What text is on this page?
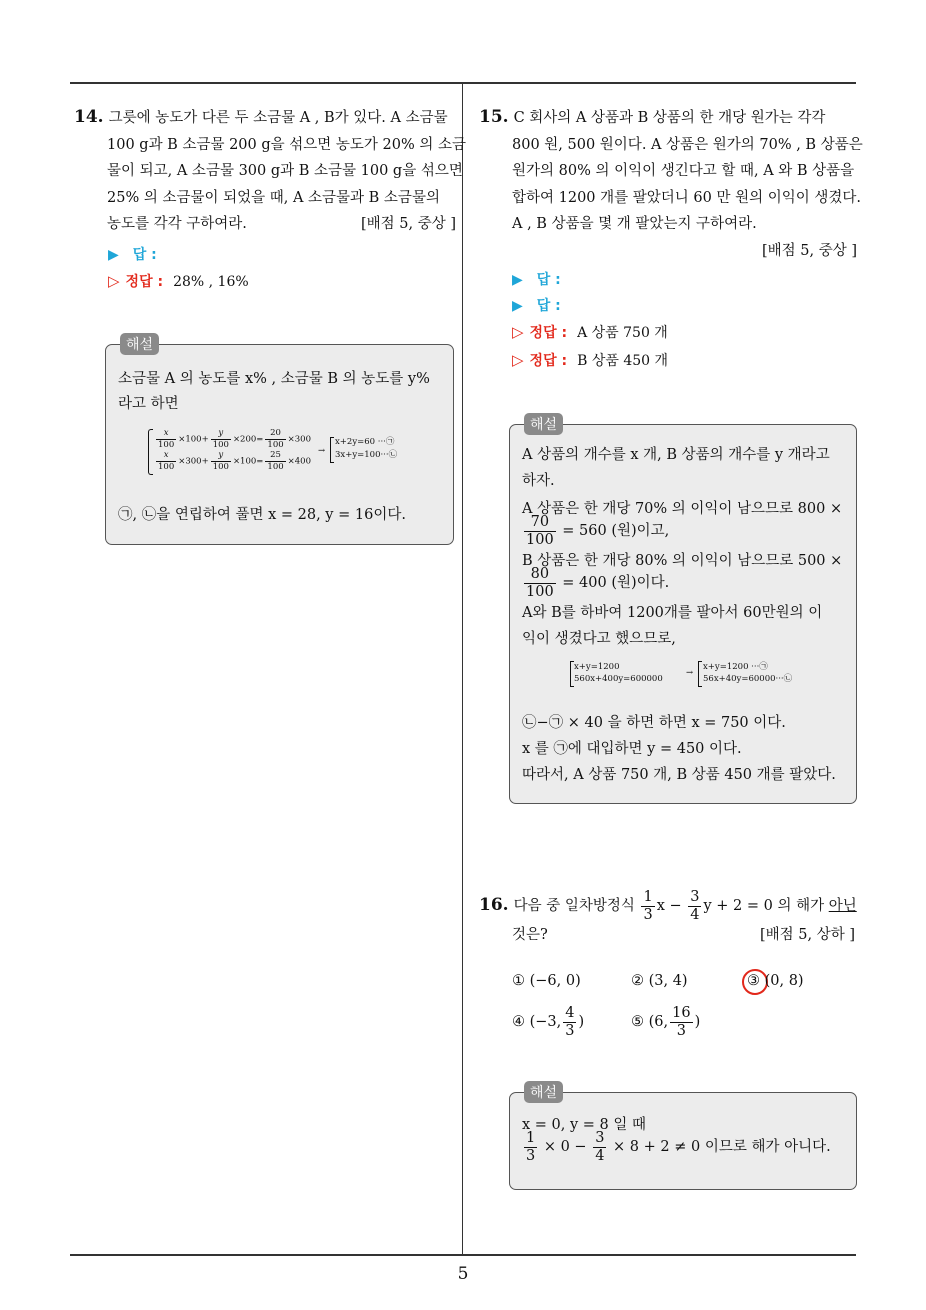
5
14. 그릇에 농도가 다른 두 소금물 A , B가 있다. A 소금물
100 g과 B 소금물 200 g을 섞으면 농도가 20% 의 소금
물이 되고, A 소금물 300 g과 B 소금물 100 g을 섞으면
25% 의 소금물이 되었을 때, A 소금물과 B 소금물의
농도를 각각 구하여라.	[배점 5, 중상 ]
▶ 답 :
▷ 정답 : 28% , 16%
해설
소금물 A 의 농도를 x% , 소금물 B 의 농도를 y%
라고 하면
$\frac{x}{100} \times 100+ \frac{y}{100} \times 200= \frac{20}{100} \times 300$
$\frac{x}{100} \times 300+ \frac{y}{100} \times 100= \frac{25}{100} \times 400$
→
x+2y=60 ···㉠
3x+y=100···㉡
㉠, ㉡을 연립하여 풀면 x = 28, y = 16이다.
15. C 회사의 A 상품과 B 상품의 한 개당 원가는 각각
800 원, 500 원이다. A 상품은 원가의 70% , B 상품은
원가의 80% 의 이익이 생긴다고 할 때, A 와 B 상품을
합하여 1200 개를 팔았더니 60 만 원의 이익이 생겼다.
A , B 상품을 몇 개 팔았는지 구하여라.
[배점 5, 중상 ]
▶ 답 :
▶ 답 :
▷ 정답 : A 상품 750 개
▷ 정답 : B 상품 450 개
해설
A 상품의 개수를 x 개, B 상품의 개수를 y 개라고
하자.
A 상품은 한 개당 70% 의 이익이 남으므로 800 ×
$\frac{70}{100} = 560$ (원)이고,
B 상품은 한 개당 80% 의 이익이 남으므로 500 ×
$\frac{80}{100} = 400$ (원)이다.
A와 B를 하바여 1200개를 팔아서 60만원의 이
익이 생겼다고 했으므로,
x+y=1200
560x+400y=600000
→
x+y=1200 ···㉠
56x+40y=60000···㉡
㉡−㉠ × 40 을 하면 하면 x = 750 이다.
x 를 ㉠에 대입하면 y = 450 이다.
따라서, A 상품 750 개, B 상품 450 개를 팔았다.
16. 다음 중 일차방정식 $\frac{1}{3}$ $x - \frac{3}{4}$ y + 2 = 0 의 해가 아닌
것은?	[배점 5, 상하 ]
① (−6, 0)	② (3, 4)	③ (0, 8)
④ (−3, $\frac{4}{3}$ )	⑤ (6, $\frac{16}{3}$ )
해설
x = 0, y = 8 일 때
$\frac{1}{3} \times 0 - \frac{3}{4} \times 8 + 2 \ne 0$ 이므로 해가 아니다.
